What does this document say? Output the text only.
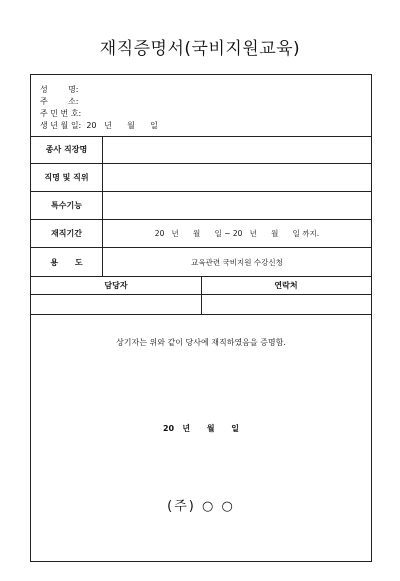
재직증명서(국비지원교육)
성        명:
주        소:
주 민 번 호:
생 년 월 일:  20   년      월      일
종사 직장명
직명 및 직위
특수기능
재직기간	20   년      월      일 ~ 20   년      월      일 까지.
용      도	교육관련 국비지원 수강신청
담당자	연락처
상기자는 위와 같이 당사에 재직하였음을 증명함.
20   년      월      일
(주) ○ ○
